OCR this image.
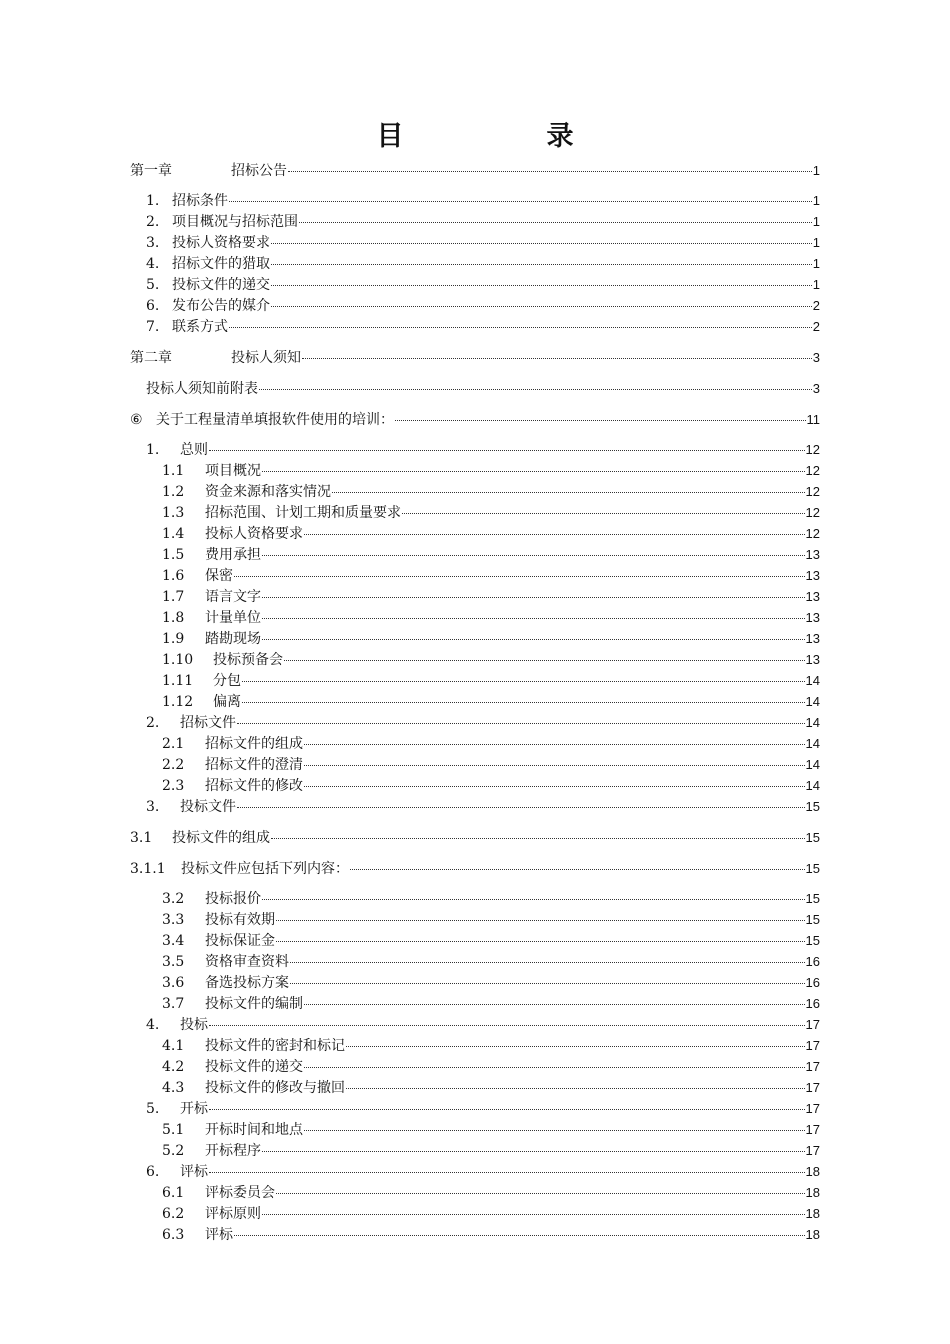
目　录
第一章	招标公告	1
1. 招标条件	1
2. 项目概况与招标范围	1
3. 投标人资格要求	1
4. 招标文件的猎取	1
5. 投标文件的递交	1
6. 发布公告的媒介	2
7. 联系方式	2
第二章	投标人须知	3
投标人须知前附表	3
⑥ 关于工程量清单填报软件使用的培训：	11
1.	总则	12
1.1	项目概况	12
1.2	资金来源和落实情况	12
1.3	招标范围、计划工期和质量要求	12
1.4	投标人资格要求	12
1.5	费用承担	13
1.6	保密	13
1.7	语言文字	13
1.8	计量单位	13
1.9	踏勘现场	13
1.10	投标预备会	13
1.11	分包	14
1.12	偏离	14
2.	招标文件	14
2.1	招标文件的组成	14
2.2	招标文件的澄清	14
2.3	招标文件的修改	14
3.	投标文件	15
3.1	投标文件的组成	15
3.1.1	投标文件应包括下列内容：	15
3.2	投标报价	15
3.3	投标有效期	15
3.4	投标保证金	15
3.5	资格审查资料	16
3.6	备选投标方案	16
3.7	投标文件的编制	16
4.	投标	17
4.1	投标文件的密封和标记	17
4.2	投标文件的递交	17
4.3	投标文件的修改与撤回	17
5.	开标	17
5.1	开标时间和地点	17
5.2	开标程序	17
6.	评标	18
6.1	评标委员会	18
6.2	评标原则	18
6.3	评标	18
